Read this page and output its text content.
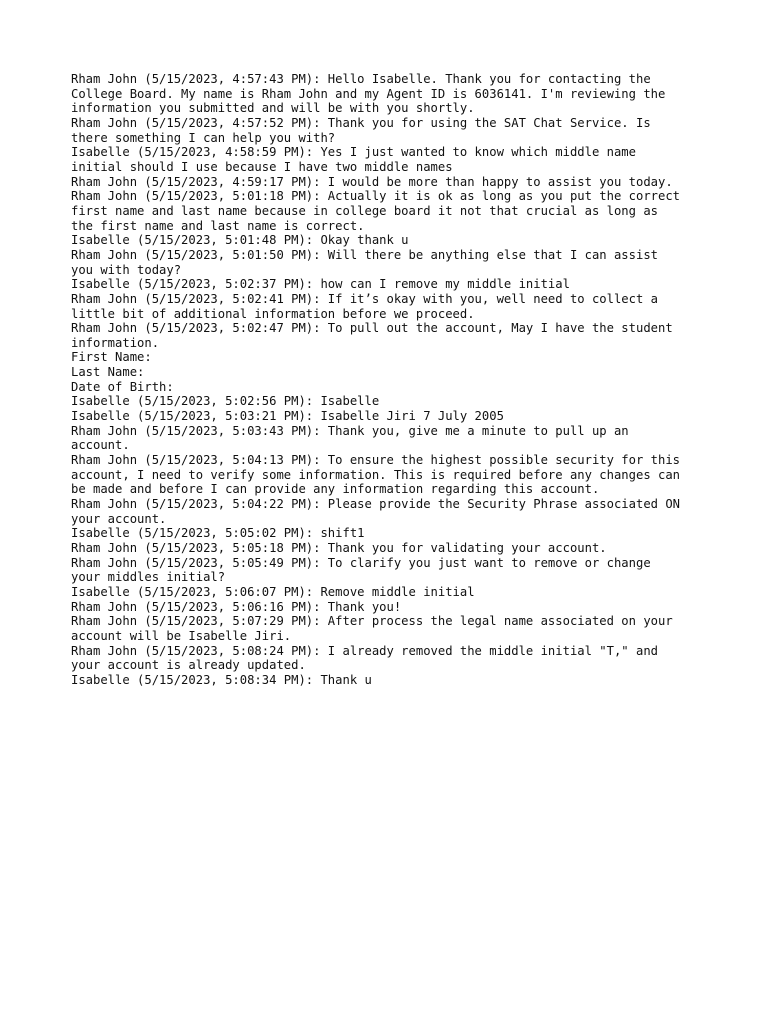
Rham John (5/15/2023, 4:57:43 PM): Hello Isabelle. Thank you for contacting the
College Board. My name is Rham John and my Agent ID is 6036141. I'm reviewing the
information you submitted and will be with you shortly.
Rham John (5/15/2023, 4:57:52 PM): Thank you for using the SAT Chat Service. Is
there something I can help you with?
Isabelle (5/15/2023, 4:58:59 PM): Yes I just wanted to know which middle name
initial should I use because I have two middle names
Rham John (5/15/2023, 4:59:17 PM): I would be more than happy to assist you today.
Rham John (5/15/2023, 5:01:18 PM): Actually it is ok as long as you put the correct
first name and last name because in college board it not that crucial as long as
the first name and last name is correct.
Isabelle (5/15/2023, 5:01:48 PM): Okay thank u
Rham John (5/15/2023, 5:01:50 PM): Will there be anything else that I can assist
you with today?
Isabelle (5/15/2023, 5:02:37 PM): how can I remove my middle initial
Rham John (5/15/2023, 5:02:41 PM): If it’s okay with you, well need to collect a
little bit of additional information before we proceed.
Rham John (5/15/2023, 5:02:47 PM): To pull out the account, May I have the student
information.
First Name:
Last Name:
Date of Birth:
Isabelle (5/15/2023, 5:02:56 PM): Isabelle
Isabelle (5/15/2023, 5:03:21 PM): Isabelle Jiri 7 July 2005
Rham John (5/15/2023, 5:03:43 PM): Thank you, give me a minute to pull up an
account.
Rham John (5/15/2023, 5:04:13 PM): To ensure the highest possible security for this
account, I need to verify some information. This is required before any changes can
be made and before I can provide any information regarding this account.
Rham John (5/15/2023, 5:04:22 PM): Please provide the Security Phrase associated ON
your account.
Isabelle (5/15/2023, 5:05:02 PM): shift1
Rham John (5/15/2023, 5:05:18 PM): Thank you for validating your account.
Rham John (5/15/2023, 5:05:49 PM): To clarify you just want to remove or change
your middles initial?
Isabelle (5/15/2023, 5:06:07 PM): Remove middle initial
Rham John (5/15/2023, 5:06:16 PM): Thank you!
Rham John (5/15/2023, 5:07:29 PM): After process the legal name associated on your
account will be Isabelle Jiri.
Rham John (5/15/2023, 5:08:24 PM): I already removed the middle initial "T," and
your account is already updated.
Isabelle (5/15/2023, 5:08:34 PM): Thank u
